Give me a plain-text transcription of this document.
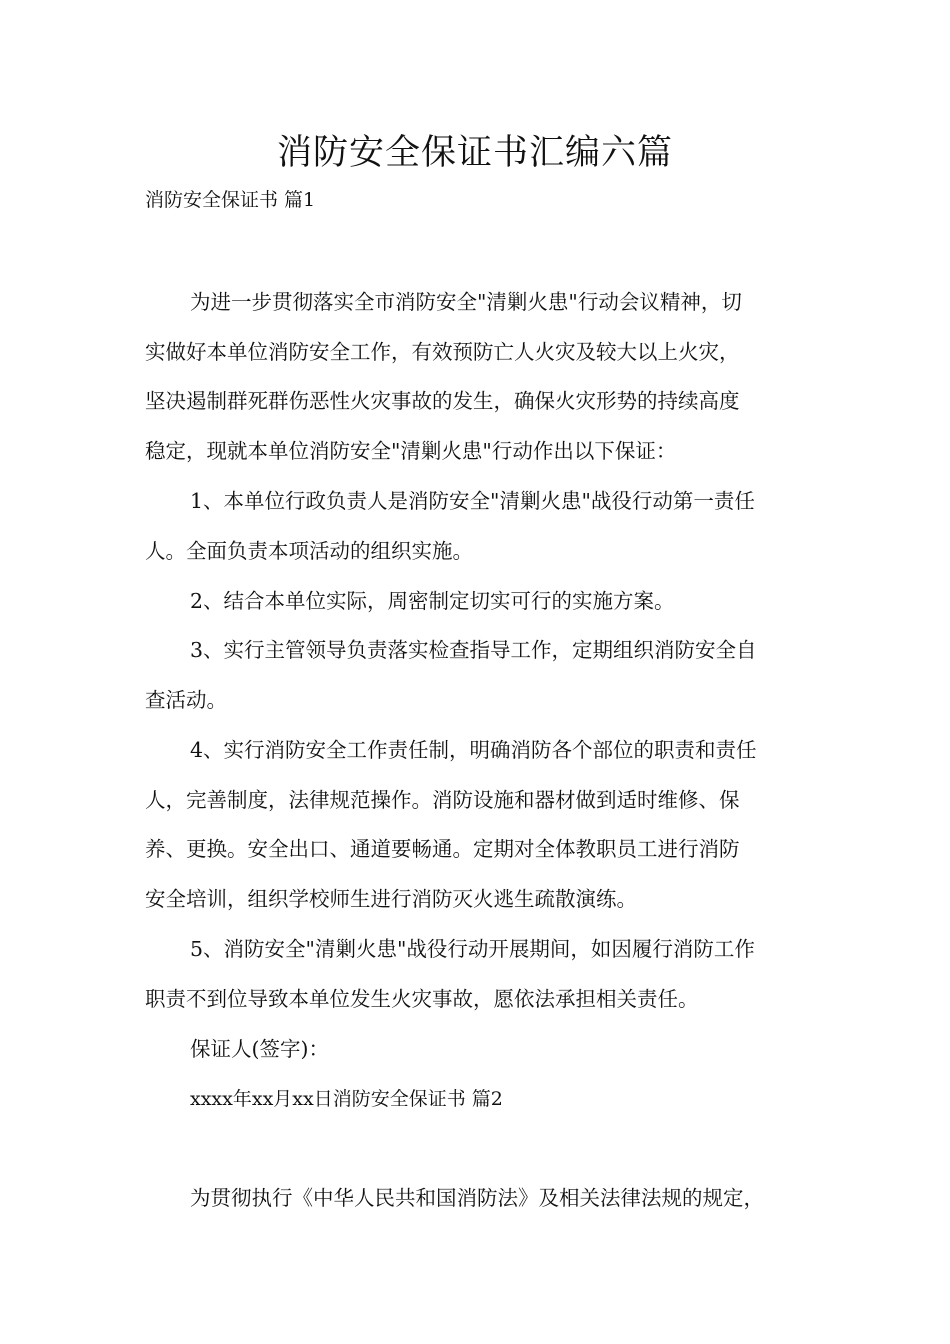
消防安全保证书汇编六篇

消防安全保证书 篇1

为进一步贯彻落实全市消防安全"清剿火患"行动会议精神，切

实做好本单位消防安全工作，有效预防亡人火灾及较大以上火灾，

坚决遏制群死群伤恶性火灾事故的发生，确保火灾形势的持续高度

稳定，现就本单位消防安全"清剿火患"行动作出以下保证：

1、本单位行政负责人是消防安全"清剿火患"战役行动第一责任

人。全面负责本项活动的组织实施。

2、结合本单位实际，周密制定切实可行的实施方案。

3、实行主管领导负责落实检查指导工作，定期组织消防安全自

查活动。

4、实行消防安全工作责任制，明确消防各个部位的职责和责任

人，完善制度，法律规范操作。消防设施和器材做到适时维修、保

养、更换。安全出口、通道要畅通。定期对全体教职员工进行消防

安全培训，组织学校师生进行消防灭火逃生疏散演练。

5、消防安全"清剿火患"战役行动开展期间，如因履行消防工作

职责不到位导致本单位发生火灾事故，愿依法承担相关责任。

保证人(签字)：

xxxx年xx月xx日消防安全保证书 篇2

为贯彻执行《中华人民共和国消防法》及相关法律法规的规定，
